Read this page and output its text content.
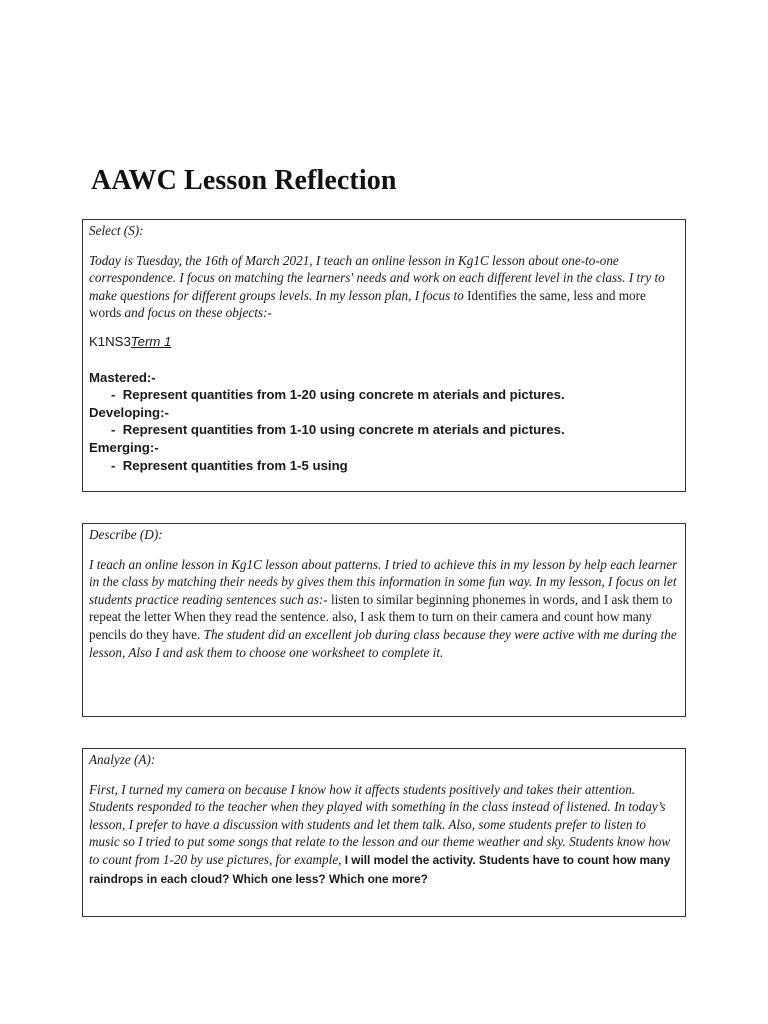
AAWC Lesson Reflection

Select (S):

Today is Tuesday, the 16th of March 2021, I teach an online lesson in Kg1C lesson about one-to-one correspondence. I focus on matching the learners' needs and work on each different level in the class. I try to make questions for different groups levels. In my lesson plan, I focus to Identifies the same, less and more words and focus on these objects:-

K1NS3Term 1

Mastered:-

-  Represent quantities from 1-20 using concrete m aterials and pictures.

Developing:-

-  Represent quantities from 1-10 using concrete m aterials and pictures.

Emerging:-

-  Represent quantities from 1-5 using

Describe (D):

I teach an online lesson in Kg1C lesson about patterns. I tried to achieve this in my lesson by help each learner in the class by matching their needs by gives them this information in some fun way. In my lesson, I focus on let students practice reading sentences such as:- listen to similar beginning phonemes in words, and I ask them to repeat the letter When they read the sentence. also, I ask them to turn on their camera and count how many pencils do they have. The student did an excellent job during class because they were active with me during the lesson, Also I and ask them to choose one worksheet to complete it.

Analyze (A):

First, I turned my camera on because I know how it affects students positively and takes their attention. Students responded to the teacher when they played with something in the class instead of listened. In today’s lesson, I prefer to have a discussion with students and let them talk. Also, some students prefer to listen to music so I tried to put some songs that relate to the lesson and our theme weather and sky. Students know how to count from 1-20 by use pictures, for example, I will model the activity. Students have to count how many raindrops in each cloud? Which one less? Which one more?
